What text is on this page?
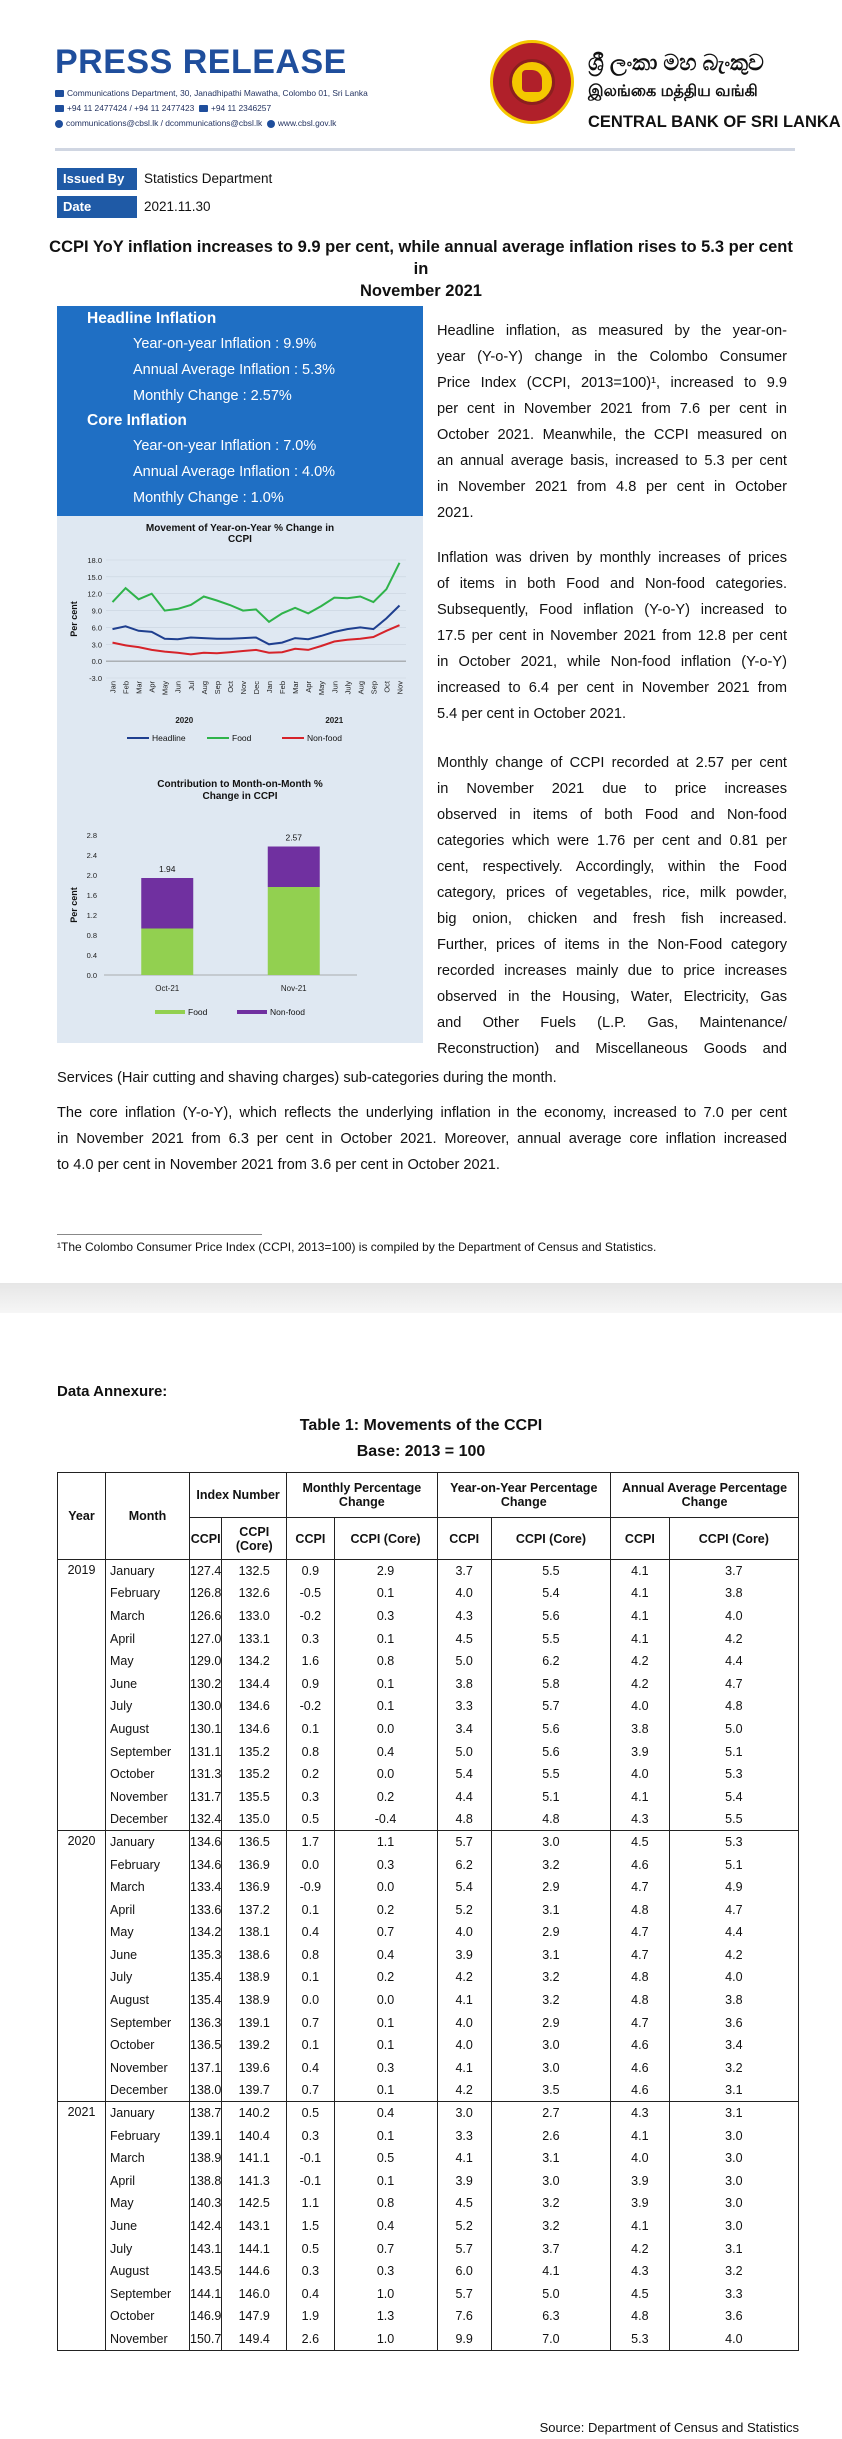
PRESS RELEASE
Communications Department, 30, Janadhipathi Mawatha, Colombo 01, Sri Lanka
+94 11 2477424 / +94 11 2477423 +94 11 2346257
communications@cbsl.lk / dcommunications@cbsl.lk www.cbsl.gov.lk
ශ්‍රී ලංකා මහ බැංකුව
இலங்கை மத்திய வங்கி
CENTRAL BANK OF SRI LANKA
Issued By	Statistics Department
Date	2021.11.30
CCPI YoY inflation increases to 9.9 per cent, while annual average inflation rises to 5.3 per cent in
November 2021
Headline Inflation
Year-on-year Inflation : 9.9%
Annual Average Inflation : 5.3%
Monthly Change : 2.57%
Core Inflation
Year-on-year Inflation : 7.0%
Annual Average Inflation : 4.0%
Monthly Change : 1.0%
Movement of Year-on-Year % Change in
CCPI
18.0
15.0
12.0
9.0
6.0
3.0
0.0
-3.0
Per cent
Jan Feb Mar Apr May Jun Jul Aug Sep Oct Nov Dec Jan Feb Mar Apr May Jun July Aug Sep Oct Nov
2020	2021
Headline	Food	Non-food
Contribution to Month-on-Month %
Change in CCPI
2.8
2.4
2.0
1.6
1.2
0.8
0.4
0.0
Per cent
1.94
Oct-21
2.57
Nov-21
Food	Non-food
Headline inflation, as measured by the year-on-
year (Y-o-Y) change in the Colombo Consumer
Price Index (CCPI, 2013=100)¹, increased to 9.9
per cent in November 2021 from 7.6 per cent in
October 2021. Meanwhile, the CCPI measured on
an annual average basis, increased to 5.3 per cent
in November 2021 from 4.8 per cent in October
2021.
Inflation was driven by monthly increases of prices
of items in both Food and Non-food categories.
Subsequently, Food inflation (Y-o-Y) increased to
17.5 per cent in November 2021 from 12.8 per cent
in October 2021, while Non-food inflation (Y-o-Y)
increased to 6.4 per cent in November 2021 from
5.4 per cent in October 2021.
Monthly change of CCPI recorded at 2.57 per cent
in November 2021 due to price increases
observed in items of both Food and Non-food
categories which were 1.76 per cent and 0.81 per
cent, respectively. Accordingly, within the Food
category, prices of vegetables, rice, milk powder,
big onion, chicken and fresh fish increased.
Further, prices of items in the Non-Food category
recorded increases mainly due to price increases
observed in the Housing, Water, Electricity, Gas
and Other Fuels (L.P. Gas, Maintenance/
Reconstruction) and Miscellaneous Goods and
Services (Hair cutting and shaving charges) sub-categories during the month.
The core inflation (Y-o-Y), which reflects the underlying inflation in the economy, increased to 7.0 per cent
in November 2021 from 6.3 per cent in October 2021. Moreover, annual average core inflation increased
to 4.0 per cent in November 2021 from 3.6 per cent in October 2021.
¹The Colombo Consumer Price Index (CCPI, 2013=100) is compiled by the Department of Census and Statistics.
Data Annexure:
Table 1: Movements of the CCPI
Base: 2013 = 100
Year	Month	Index Number		Monthly Percentage Change		Year-on-Year Percentage Change		Annual Average Percentage Change	
		CCPI	CCPI (Core)	CCPI	CCPI (Core)	CCPI	CCPI (Core)	CCPI	CCPI (Core)
2019	January	127.4	132.5	0.9	2.9	3.7	5.5	4.1	3.7
	February	126.8	132.6	-0.5	0.1	4.0	5.4	4.1	3.8
	March	126.6	133.0	-0.2	0.3	4.3	5.6	4.1	4.0
	April	127.0	133.1	0.3	0.1	4.5	5.5	4.1	4.2
	May	129.0	134.2	1.6	0.8	5.0	6.2	4.2	4.4
	June	130.2	134.4	0.9	0.1	3.8	5.8	4.2	4.7
	July	130.0	134.6	-0.2	0.1	3.3	5.7	4.0	4.8
	August	130.1	134.6	0.1	0.0	3.4	5.6	3.8	5.0
	September	131.1	135.2	0.8	0.4	5.0	5.6	3.9	5.1
	October	131.3	135.2	0.2	0.0	5.4	5.5	4.0	5.3
	November	131.7	135.5	0.3	0.2	4.4	5.1	4.1	5.4
	December	132.4	135.0	0.5	-0.4	4.8	4.8	4.3	5.5
2020	January	134.6	136.5	1.7	1.1	5.7	3.0	4.5	5.3
	February	134.6	136.9	0.0	0.3	6.2	3.2	4.6	5.1
	March	133.4	136.9	-0.9	0.0	5.4	2.9	4.7	4.9
	April	133.6	137.2	0.1	0.2	5.2	3.1	4.8	4.7
	May	134.2	138.1	0.4	0.7	4.0	2.9	4.7	4.4
	June	135.3	138.6	0.8	0.4	3.9	3.1	4.7	4.2
	July	135.4	138.9	0.1	0.2	4.2	3.2	4.8	4.0
	August	135.4	138.9	0.0	0.0	4.1	3.2	4.8	3.8
	September	136.3	139.1	0.7	0.1	4.0	2.9	4.7	3.6
	October	136.5	139.2	0.1	0.1	4.0	3.0	4.6	3.4
	November	137.1	139.6	0.4	0.3	4.1	3.0	4.6	3.2
	December	138.0	139.7	0.7	0.1	4.2	3.5	4.6	3.1
2021	January	138.7	140.2	0.5	0.4	3.0	2.7	4.3	3.1
	February	139.1	140.4	0.3	0.1	3.3	2.6	4.1	3.0
	March	138.9	141.1	-0.1	0.5	4.1	3.1	4.0	3.0
	April	138.8	141.3	-0.1	0.1	3.9	3.0	3.9	3.0
	May	140.3	142.5	1.1	0.8	4.5	3.2	3.9	3.0
	June	142.4	143.1	1.5	0.4	5.2	3.2	4.1	3.0
	July	143.1	144.1	0.5	0.7	5.7	3.7	4.2	3.1
	August	143.5	144.6	0.3	0.3	6.0	4.1	4.3	3.2
	September	144.1	146.0	0.4	1.0	5.7	5.0	4.5	3.3
	October	146.9	147.9	1.9	1.3	7.6	6.3	4.8	3.6
	November	150.7	149.4	2.6	1.0	9.9	7.0	5.3	4.0
Source: Department of Census and Statistics
